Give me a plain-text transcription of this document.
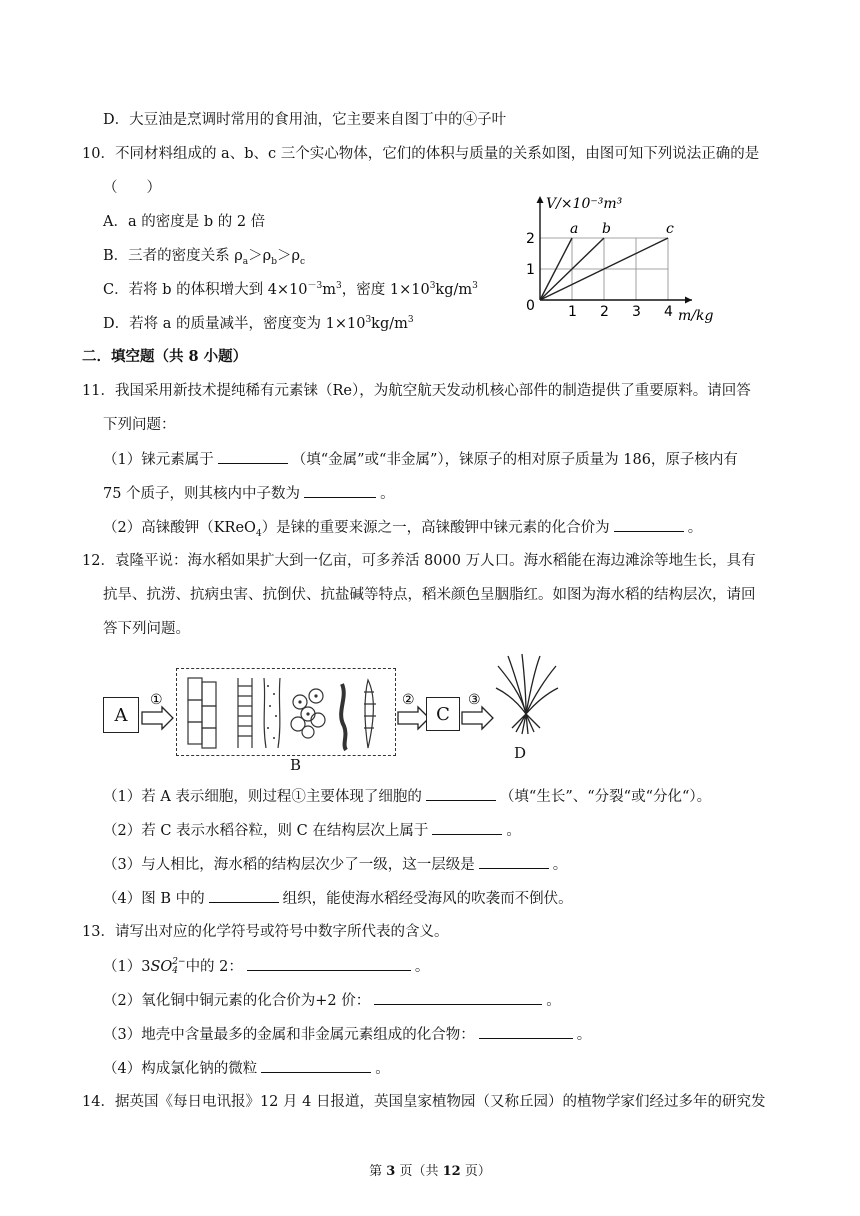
D．大豆油是烹调时常用的食用油，它主要来自图丁中的④子叶
10．不同材料组成的 a、b、c 三个实心物体，它们的体积与质量的关系如图，由图可知下列说法正确的是
（　　）
A．a 的密度是 b 的 2 倍
B．三者的密度关系 $\rho_a>\rho_b>\rho_c$
C．若将 b 的体积增大到 $4\times 10^{-3}m^3$，密度 $1\times 10^3kg/m^3$
D．若将 a 的质量减半，密度变为 $1\times 10^3kg/m^3$
1 2 3 4
1
2
0
V/×10⁻³m³
m/kg
a b	c
二．填空题（共 8 小题）
11．我国采用新技术提纯稀有元素铼（Re），为航空航天发动机核心部件的制造提供了重要原料。请回答
下列问题：
（1）铼元素属于	（填“金属”或“非金属”），铼原子的相对原子质量为 186，原子核内有
75 个质子，则其核内中子数为	。
（2）高铼酸钾（KReO$_4$）是铼的重要来源之一，高铼酸钾中铼元素的化合价为	。
12．袁隆平说：海水稻如果扩大到一亿亩，可多养活 8000 万人口。海水稻能在海边滩涂等地生长，具有
抗旱、抗涝、抗病虫害、抗倒伏、抗盐碱等特点，稻米颜色呈胭脂红。如图为海水稻的结构层次，请回
答下列问题。
A
①
B
②
C
③
D
（1）若 A 表示细胞，则过程①主要体现了细胞的	（填“生长”、“分裂“或“分化“）。
（2）若 C 表示水稻谷粒，则 C 在结构层次上属于	。
（3）与人相比，海水稻的结构层次少了一级，这一层级是	。
（4）图 B 中的	组织，能使海水稻经受海风的吹袭而不倒伏。
13．请写出对应的化学符号或符号中数字所代表的含义。
（1）3SO 2−
4 中的 2：	。
（2）氧化铜中铜元素的化合价为+2 价：	。
（3）地壳中含量最多的金属和非金属元素组成的化合物：	。
（4）构成氯化钠的微粒	。
14．据英国《每日电讯报》12 月 4 日报道，英国皇家植物园（又称丘园）的植物学家们经过多年的研究发
第 3 页（共 12 页）
